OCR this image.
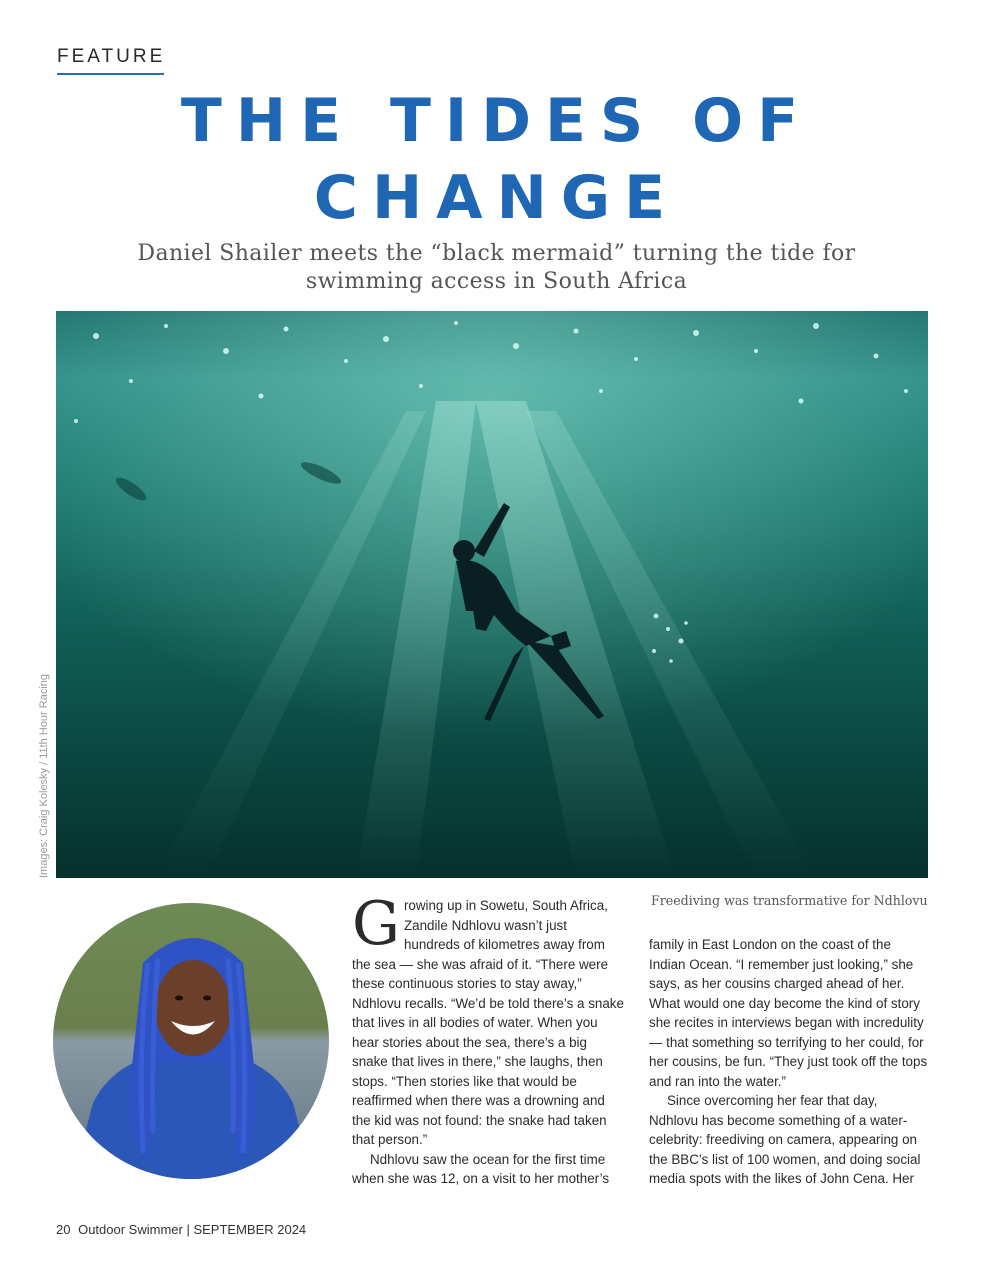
FEATURE
THE TIDES OF
CHANGE
Daniel Shailer meets the “black mermaid” turning the tide for swimming access in South Africa
Images: Craig Kolesky / 11th Hour Racing

Growing up in Sowetu, South Africa, Zandile Ndhlovu wasn’t just hundreds of kilometres away from the sea — she was afraid of it. “There were these continuous stories to stay away,” Ndhlovu recalls. “We’d be told there’s a snake that lives in all bodies of water. When you hear stories about the sea, there’s a big snake that lives in there,” she laughs, then stops. “Then stories like that would be reaffirmed when there was a drowning and the kid was not found: the snake had taken that person.”

Ndhlovu saw the ocean for the first time when she was 12, on a visit to her mother’s

Freediving was transformative for Ndhlovu

family in East London on the coast of the Indian Ocean. “I remember just looking,” she says, as her cousins charged ahead of her. What would one day become the kind of story she recites in interviews began with incredulity — that something so terrifying to her could, for her cousins, be fun. “They just took off the tops and ran into the water.”

Since overcoming her fear that day, Ndhlovu has become something of a water-celebrity: freediving on camera, appearing on the BBC’s list of 100 women, and doing social media spots with the likes of John Cena. Her

20 Outdoor Swimmer | SEPTEMBER 2024
